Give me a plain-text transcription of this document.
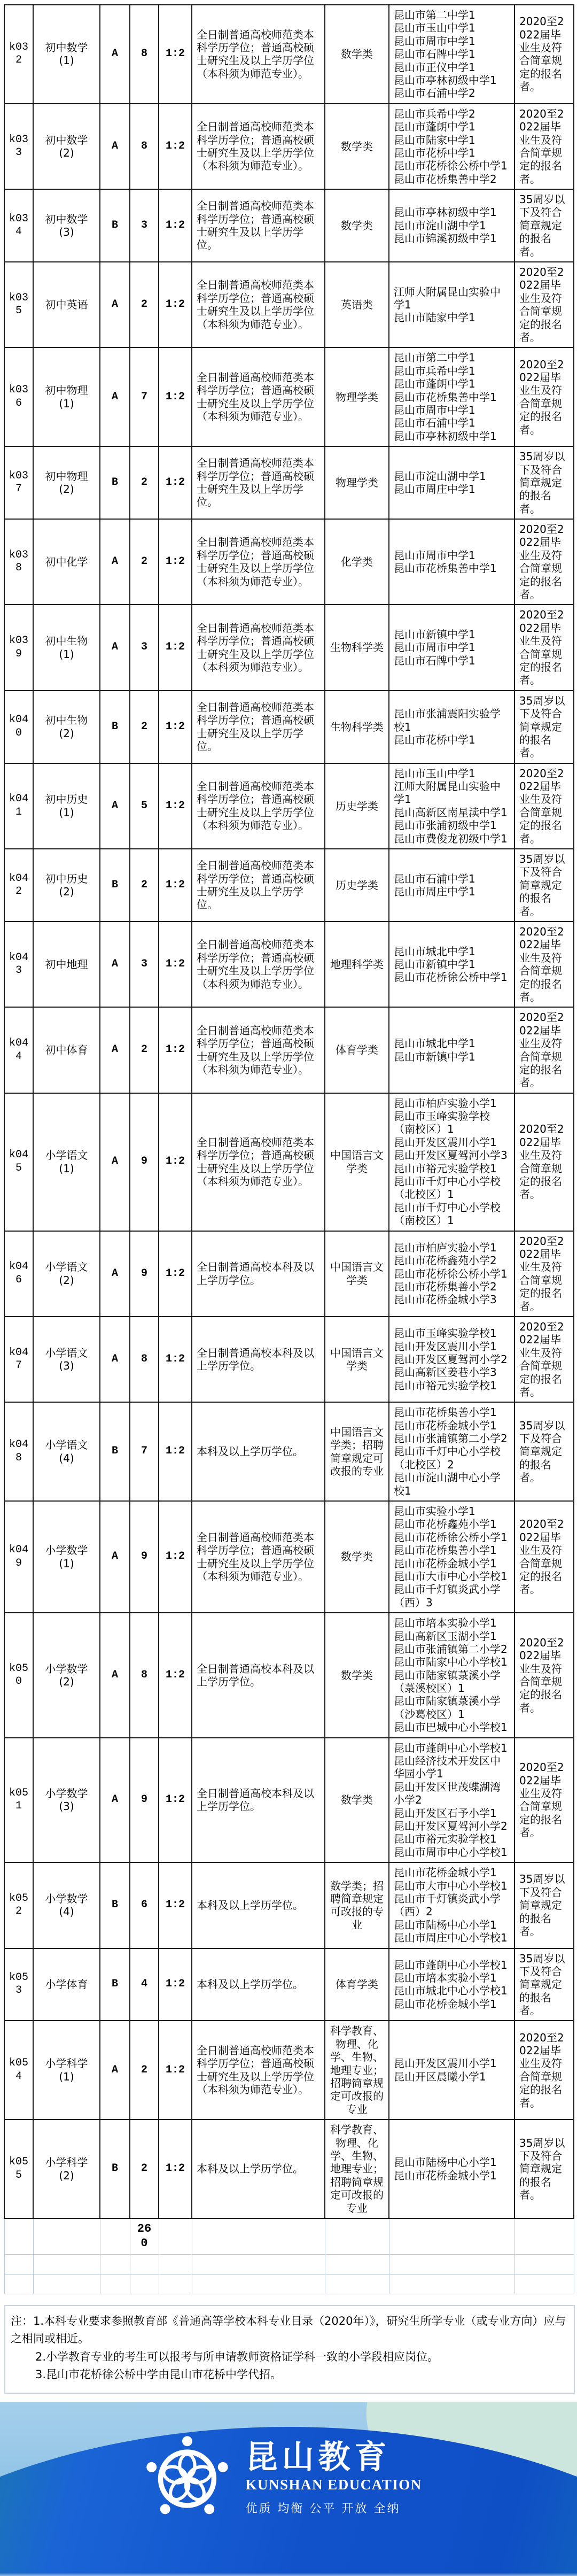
k032	初中数学(1)	A	8	1:2	全日制普通高校师范类本科学历学位；普通高校硕士研究生及以上学历学位（本科须为师范专业）。	数学类	
昆山市第二中学1
昆山市玉山中学1
昆山市周市中学1
昆山市石牌中学1
昆山市正仪中学1
昆山市亭林初级中学1
昆山市石浦中学2
	2020至2022届毕业生及符合简章规定的报名者。
k033	初中数学(2)	A	8	1:2	全日制普通高校师范类本科学历学位；普通高校硕士研究生及以上学历学位（本科须为师范专业）。	数学类	
昆山市兵希中学2
昆山市蓬朗中学1
昆山市陆家中学1
昆山市花桥中学1
昆山市花桥徐公桥中学1
昆山市花桥集善中学2
	2020至2022届毕业生及符合简章规定的报名者。
k034	初中数学(3)	B	3	1:2	全日制普通高校师范类本科学历学位；普通高校硕士研究生及以上学历学位。	数学类	昆山市亭林初级中学1
昆山市淀山湖中学1
昆山市锦溪初级中学1	35周岁以下及符合简章规定的报名者。
k035	初中英语	A	2	1:2	全日制普通高校师范类本科学历学位；普通高校硕士研究生及以上学历学位（本科须为师范专业）。	英语类	江师大附属昆山实验中学1
昆山市陆家中学1	2020至2022届毕业生及符合简章规定的报名者。
k036	初中物理(1)	A	7	1:2	全日制普通高校师范类本科学历学位；普通高校硕士研究生及以上学历学位（本科须为师范专业）。	物理学类	
昆山市第二中学1
昆山市兵希中学1
昆山市蓬朗中学1
昆山市花桥集善中学1
昆山市周市中学1
昆山市石浦中学1
昆山市亭林初级中学1
	2020至2022届毕业生及符合简章规定的报名者。
k037	初中物理(2)	B	2	1:2	全日制普通高校师范类本科学历学位；普通高校硕士研究生及以上学历学位。	物理学类	昆山市淀山湖中学1
昆山市周庄中学1	35周岁以下及符合简章规定的报名者。
k038	初中化学	A	2	1:2	全日制普通高校师范类本科学历学位；普通高校硕士研究生及以上学历学位（本科须为师范专业）。	化学类	昆山市周市中学1
昆山市花桥集善中学1	2020至2022届毕业生及符合简章规定的报名者。
k039	初中生物(1)	A	3	1:2	全日制普通高校师范类本科学历学位；普通高校硕士研究生及以上学历学位（本科须为师范专业）。	生物科学类	昆山市新镇中学1
昆山市周市中学1
昆山市石牌中学1	2020至2022届毕业生及符合简章规定的报名者。
k040	初中生物(2)	B	2	1:2	全日制普通高校师范类本科学历学位；普通高校硕士研究生及以上学历学位。	生物科学类	昆山市张浦震阳实验学校1
昆山市花桥中学1	35周岁以下及符合简章规定的报名者。
k041	初中历史(1)	A	5	1:2	全日制普通高校师范类本科学历学位；普通高校硕士研究生及以上学历学位（本科须为师范专业）。	历史学类	昆山市玉山中学1
江师大附属昆山实验中学1
昆山高新区南星渎中学1
昆山市张浦初级中学1
昆山市费俊龙初级中学1	2020至2022届毕业生及符合简章规定的报名者。
k042	初中历史(2)	B	2	1:2	全日制普通高校师范类本科学历学位；普通高校硕士研究生及以上学历学位。	历史学类	昆山市石浦中学1
昆山市周庄中学1	35周岁以下及符合简章规定的报名者。
k043	初中地理	A	3	1:2	全日制普通高校师范类本科学历学位；普通高校硕士研究生及以上学历学位（本科须为师范专业）。	地理科学类	昆山市城北中学1
昆山市新镇中学1
昆山市花桥徐公桥中学1	2020至2022届毕业生及符合简章规定的报名者。
k044	初中体育	A	2	1:2	全日制普通高校师范类本科学历学位；普通高校硕士研究生及以上学历学位（本科须为师范专业）。	体育学类	昆山市城北中学1
昆山市新镇中学1	2020至2022届毕业生及符合简章规定的报名者。
k045	小学语文(1)	A	9	1:2	全日制普通高校师范类本科学历学位；普通高校硕士研究生及以上学历学位（本科须为师范专业）。	中国语言文学类	
昆山市柏庐实验小学1
昆山市玉峰实验学校（南校区）1
昆山开发区震川小学1
昆山开发区夏驾河小学3
昆山市裕元实验学校1
昆山市千灯中心小学校（北校区）1
昆山市千灯中心小学校（南校区）1
	2020至2022届毕业生及符合简章规定的报名者。
k046	小学语文(2)	A	9	1:2	全日制普通高校本科及以上学历学位。	中国语言文学类	昆山市柏庐实验小学1
昆山市花桥鑫苑小学2
昆山市花桥徐公桥小学1
昆山市花桥集善小学2
昆山市花桥金城小学3	2020至2022届毕业生及符合简章规定的报名者。
k047	小学语文(3)	A	8	1:2	全日制普通高校本科及以上学历学位。	中国语言文学类	昆山市玉峰实验学校1
昆山开发区震川小学1
昆山开发区夏驾河小学2
昆山高新区姜巷小学3
昆山市裕元实验学校1	2020至2022届毕业生及符合简章规定的报名者。
k048	小学语文(4)	B	7	1:2	本科及以上学历学位。	中国语言文学类；招聘简章规定可改报的专业	昆山市花桥集善小学1
昆山市花桥金城小学1
昆山市张浦镇第二小学2
昆山市千灯中心小学校（北校区）2
昆山市淀山湖中心小学校1	35周岁以下及符合简章规定的报名者。
k049	小学数学(1)	A	9	1:2	全日制普通高校师范类本科学历学位；普通高校硕士研究生及以上学历学位（本科须为师范专业）。	数学类	
昆山市实验小学1
昆山市花桥鑫苑小学1
昆山市花桥徐公桥小学1
昆山市花桥集善小学1
昆山市花桥金城小学1
昆山市大市中心小学校1
昆山市千灯镇炎武小学（西）3
	2020至2022届毕业生及符合简章规定的报名者。
k050	小学数学(2)	A	8	1:2	全日制普通高校本科及以上学历学位。	数学类	
昆山市培本实验小学1
昆山高新区玉湖小学1
昆山市张浦镇第二小学2
昆山市陆家中心小学校1
昆山市陆家镇菉溪小学（菉溪校区）1
昆山市陆家镇菉溪小学（沙葛校区）1
昆山市巴城中心小学校1
	2020至2022届毕业生及符合简章规定的报名者。
k051	小学数学(3)	A	9	1:2	全日制普通高校本科及以上学历学位。	数学类	
昆山市蓬朗中心小学校1
昆山经济技术开发区中华园小学1
昆山开发区世茂蝶湖湾小学2
昆山开发区石予小学1
昆山开发区夏驾河小学2
昆山市裕元实验学校1
昆山市周市中心小学校1
	2020至2022届毕业生及符合简章规定的报名者。
k052	小学数学(4)	B	6	1:2	本科及以上学历学位。	数学类；招聘简章规定可改报的专业	昆山市花桥金城小学1
昆山市大市中心小学校1
昆山市千灯镇炎武小学（西）2
昆山市陆杨中心小学1
昆山市周庄中心小学校1	35周岁以下及符合简章规定的报名者。
k053	小学体育	B	4	1:2	本科及以上学历学位。	体育学类	昆山市蓬朗中心小学校1
昆山市培本实验小学1
昆山市城北中心小学校1
昆山市花桥金城小学1	35周岁以下及符合简章规定的报名者。
k054	小学科学(1)	A	2	1:2	全日制普通高校师范类本科学历学位；普通高校硕士研究生及以上学历学位（本科须为师范专业）。	科学教育、物理、化学、生物、地理专业；招聘简章规定可改报的专业	昆山开发区震川小学1
昆山开区晨曦小学1	2020至2022届毕业生及符合简章规定的报名者。
k055	小学科学(2)	B	2	1:2	本科及以上学历学位。	科学教育、物理、化学、生物、地理专业；招聘简章规定可改报的专业	昆山市陆杨中心小学1
昆山市花桥金城小学1	35周岁以下及符合简章规定的报名者。
			260					

注：1.本科专业要求参照教育部《普通高等学校本科专业目录（2020年）》，研究生所学专业（或专业方向）应与之相同或相近。
2.小学教育专业的考生可以报考与所申请教师资格证学科一致的小学段相应岗位。
3.昆山市花桥徐公桥中学由昆山市花桥中学代招。
昆山教育
KUNSHAN EDUCATION
优质 均衡 公平 开放 全纳
